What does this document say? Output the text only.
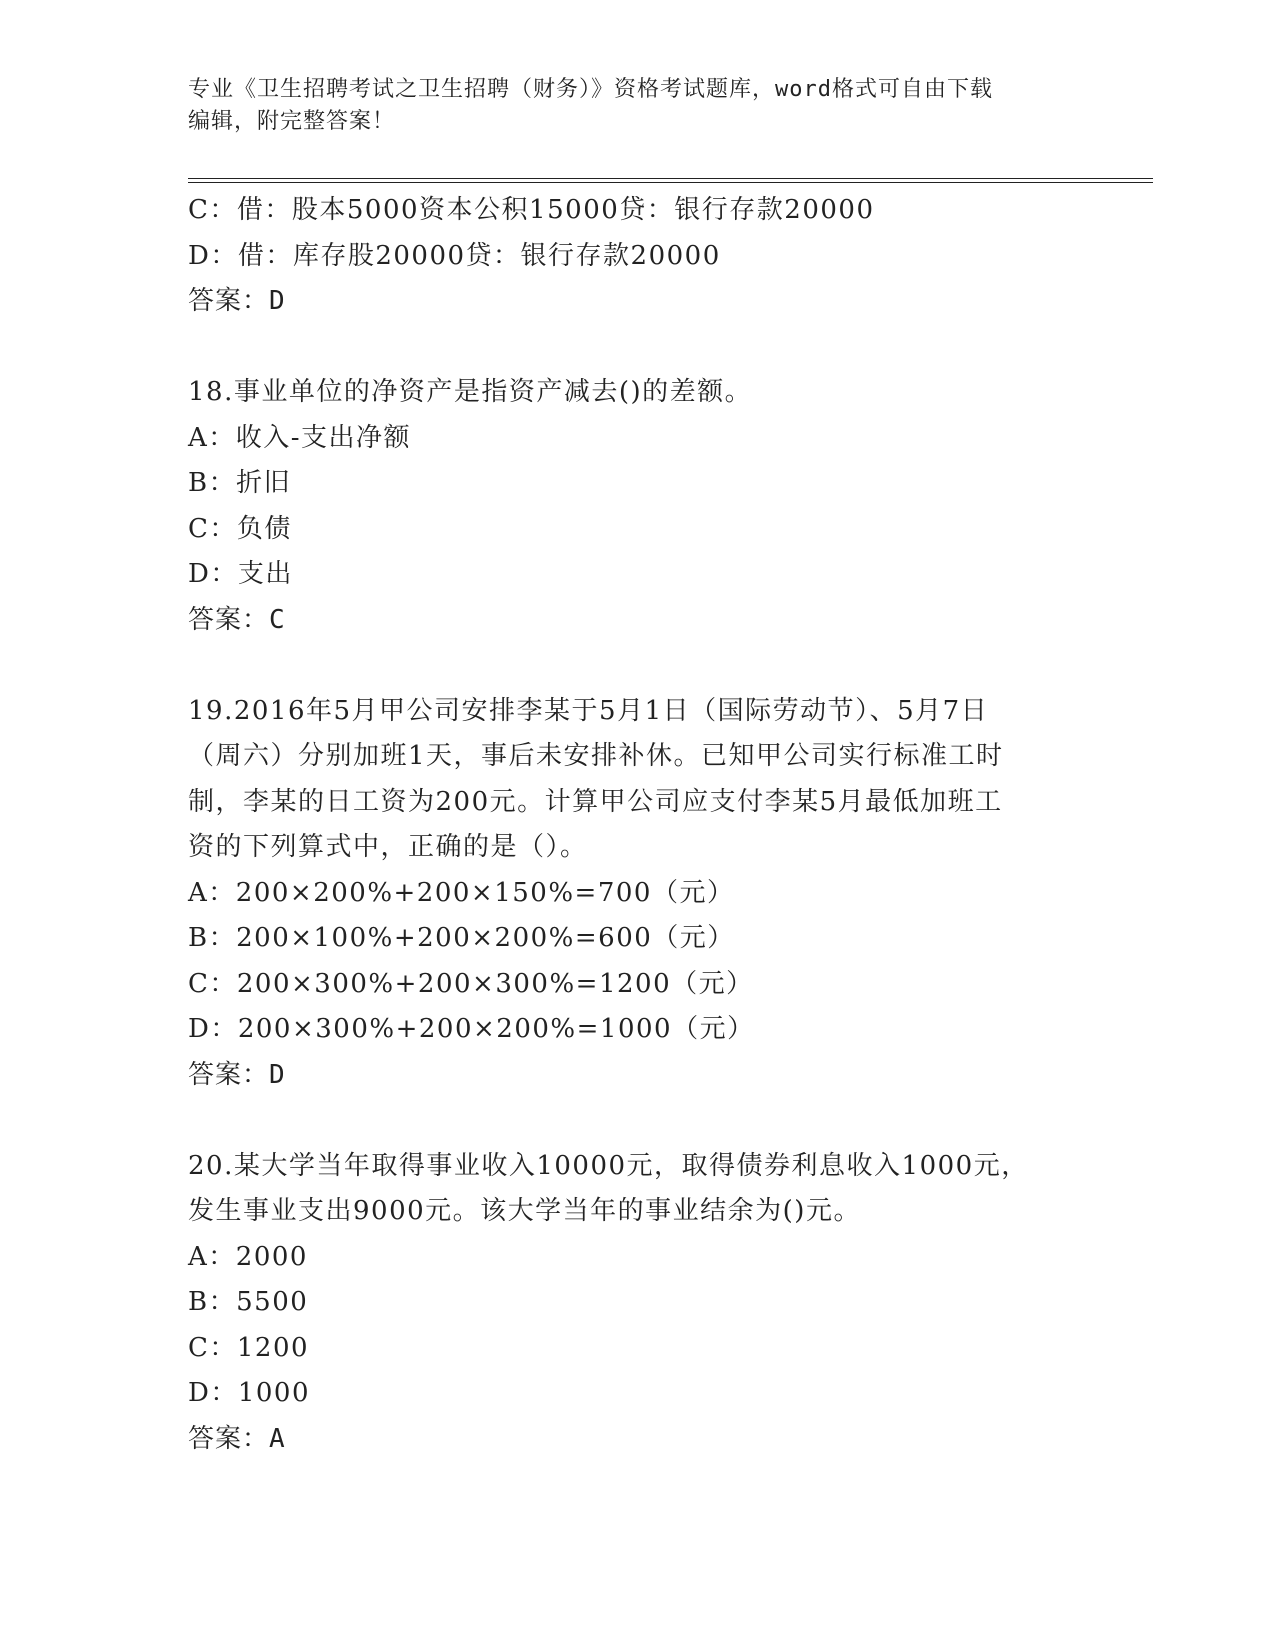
专业《卫生招聘考试之卫生招聘（财务）》资格考试题库，word格式可自由下载
编辑，附完整答案！
C：借：股本5000资本公积15000贷：银行存款20000
D：借：库存股20000贷：银行存款20000
答案：D
18.事业单位的净资产是指资产减去()的差额。
A：收入-支出净额
B：折旧
C：负债
D：支出
答案：C
19.2016年5月甲公司安排李某于5月1日（国际劳动节）、5月7日
（周六）分别加班1天，事后未安排补休。已知甲公司实行标准工时
制，李某的日工资为200元。计算甲公司应支付李某5月最低加班工
资的下列算式中，正确的是（）。
A：200×200%+200×150%=700（元）
B：200×100%+200×200%=600（元）
C：200×300%+200×300%=1200（元）
D：200×300%+200×200%=1000（元）
答案：D
20.某大学当年取得事业收入10000元，取得债券利息收入1000元，
发生事业支出9000元。该大学当年的事业结余为()元。
A：2000
B：5500
C：1200
D：1000
答案：A
